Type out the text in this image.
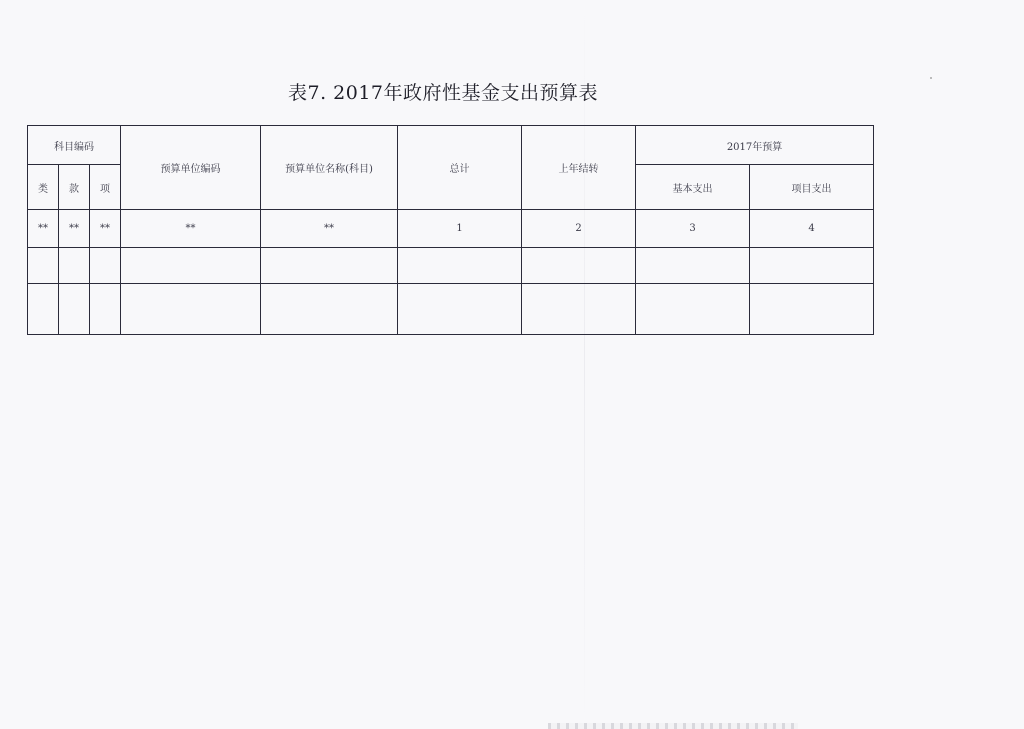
表7. 2017年政府性基金支出预算表
科目编码			预算单位编码	预算单位名称(科目)	总计	上年结转	2017年预算	
类	款	项					基本支出	项目支出
**	**	**	**	**	1	2	3	4
